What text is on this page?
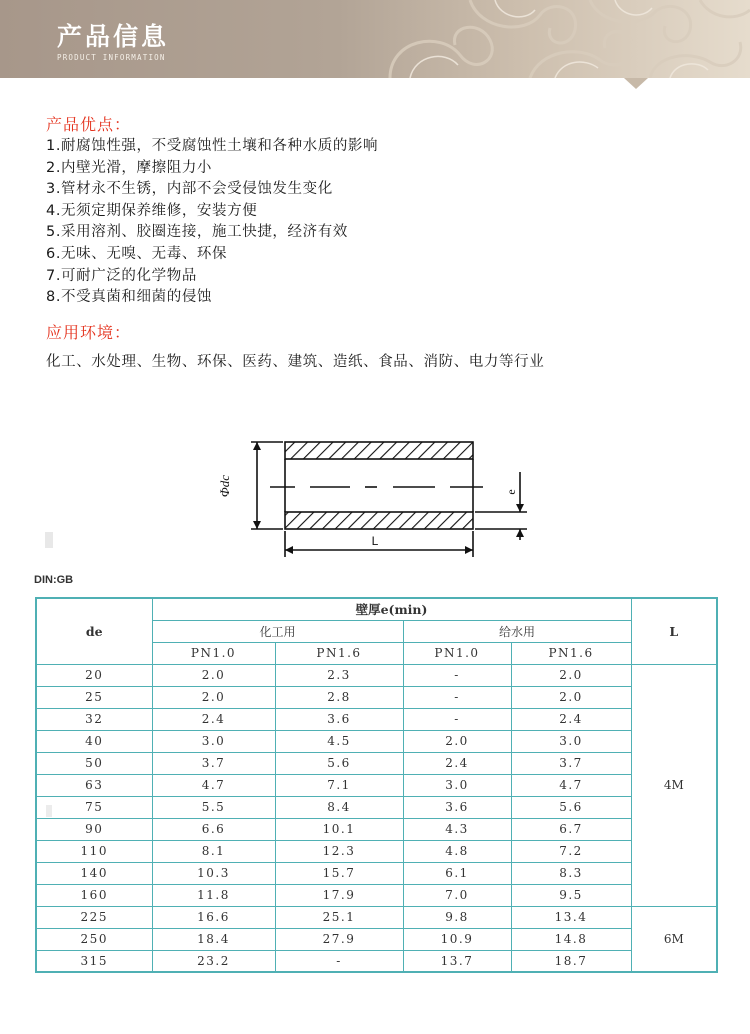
产品信息
PRODUCT INFORMATION
产品优点：
1.耐腐蚀性强，不受腐蚀性土壤和各种水质的影响
2.内壁光滑，摩擦阻力小
3.管材永不生锈，内部不会受侵蚀发生变化
4.无须定期保养维修，安装方便
5.采用溶剂、胶圈连接，施工快捷，经济有效
6.无味、无嗅、无毒、环保
7.可耐广泛的化学物品
8.不受真菌和细菌的侵蚀
应用环境：
化工、水处理、生物、环保、医药、建筑、造纸、食品、消防、电力等行业
Φdc
L
e
DIN:GB
de	壁厚e(min)				L
	化工用		给水用		
	PN1.0	PN1.6	PN1.0	PN1.6	
20	2.0	2.3	-	2.0	4M
25	2.0	2.8	-	2.0	
32	2.4	3.6	-	2.4	
40	3.0	4.5	2.0	3.0	
50	3.7	5.6	2.4	3.7	
63	4.7	7.1	3.0	4.7	
75	5.5	8.4	3.6	5.6	
90	6.6	10.1	4.3	6.7	
110	8.1	12.3	4.8	7.2	
140	10.3	15.7	6.1	8.3	
160	11.8	17.9	7.0	9.5	
225	16.6	25.1	9.8	13.4	6M
250	18.4	27.9	10.9	14.8	
315	23.2	-	13.7	18.7	
